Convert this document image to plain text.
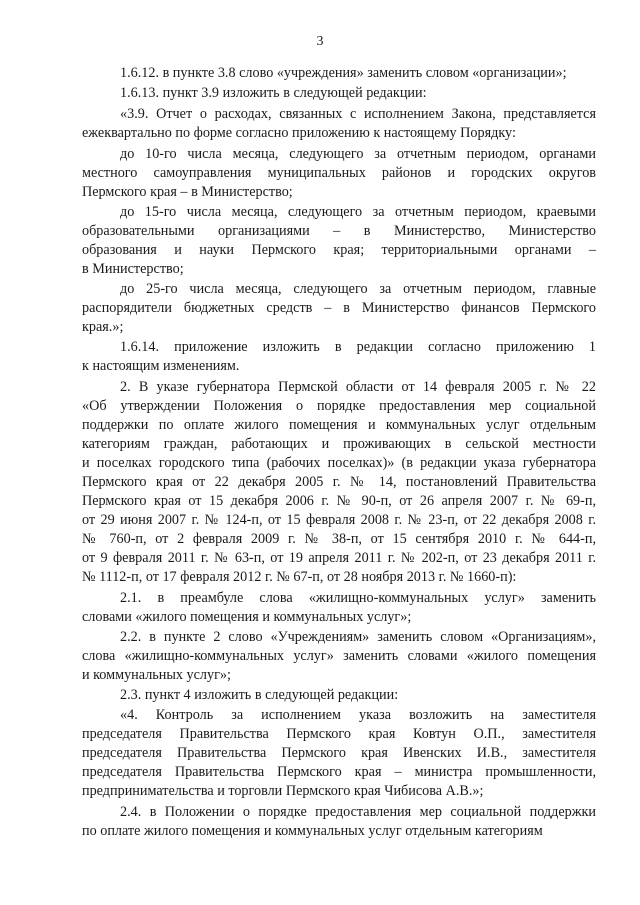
3
1.6.12. в пункте 3.8 слово «учреждения» заменить словом «организации»;
1.6.13. пункт 3.9 изложить в следующей редакции:
«3.9. Отчет о расходах, связанных с исполнением Закона, представляется
ежеквартально по форме согласно приложению к настоящему Порядку:
до 10-го числа месяца, следующего за отчетным периодом, органами
местного самоуправления муниципальных районов и городских округов
Пермского края – в Министерство;
до 15-го числа месяца, следующего за отчетным периодом, краевыми
образовательными организациями – в Министерство, Министерство
образования и науки Пермского края; территориальными органами –
в Министерство;
до 25-го числа месяца, следующего за отчетным периодом, главные
распорядители бюджетных средств – в Министерство финансов Пермского
края.»;
1.6.14. приложение изложить в редакции согласно приложению 1
к настоящим изменениям.
2. В указе губернатора Пермской области от 14 февраля 2005 г. № 22
«Об утверждении Положения о порядке предоставления мер социальной
поддержки по оплате жилого помещения и коммунальных услуг отдельным
категориям граждан, работающих и проживающих в сельской местности
и поселках городского типа (рабочих поселках)» (в редакции указа губернатора
Пермского края от 22 декабря 2005 г. № 14, постановлений Правительства
Пермского края от 15 декабря 2006 г. № 90-п, от 26 апреля 2007 г. № 69-п,
от 29 июня 2007 г. № 124-п, от 15 февраля 2008 г. № 23-п, от 22 декабря 2008 г.
№ 760-п, от 2 февраля 2009 г. № 38-п, от 15 сентября 2010 г. № 644-п,
от 9 февраля 2011 г. № 63-п, от 19 апреля 2011 г. № 202-п, от 23 декабря 2011 г.
№ 1112-п, от 17 февраля 2012 г. № 67-п, от 28 ноября 2013 г. № 1660-п):
2.1. в преамбуле слова «жилищно-коммунальных услуг» заменить
словами «жилого помещения и коммунальных услуг»;
2.2. в пункте 2 слово «Учреждениям» заменить словом «Организациям»,
слова «жилищно-коммунальных услуг» заменить словами «жилого помещения
и коммунальных услуг»;
2.3. пункт 4 изложить в следующей редакции:
«4. Контроль за исполнением указа возложить на заместителя
председателя Правительства Пермского края Ковтун О.П., заместителя
председателя Правительства Пермского края Ивенских И.В., заместителя
председателя Правительства Пермского края – министра промышленности,
предпринимательства и торговли Пермского края Чибисова А.В.»;
2.4. в Положении о порядке предоставления мер социальной поддержки
по оплате жилого помещения и коммунальных услуг отдельным категориям
